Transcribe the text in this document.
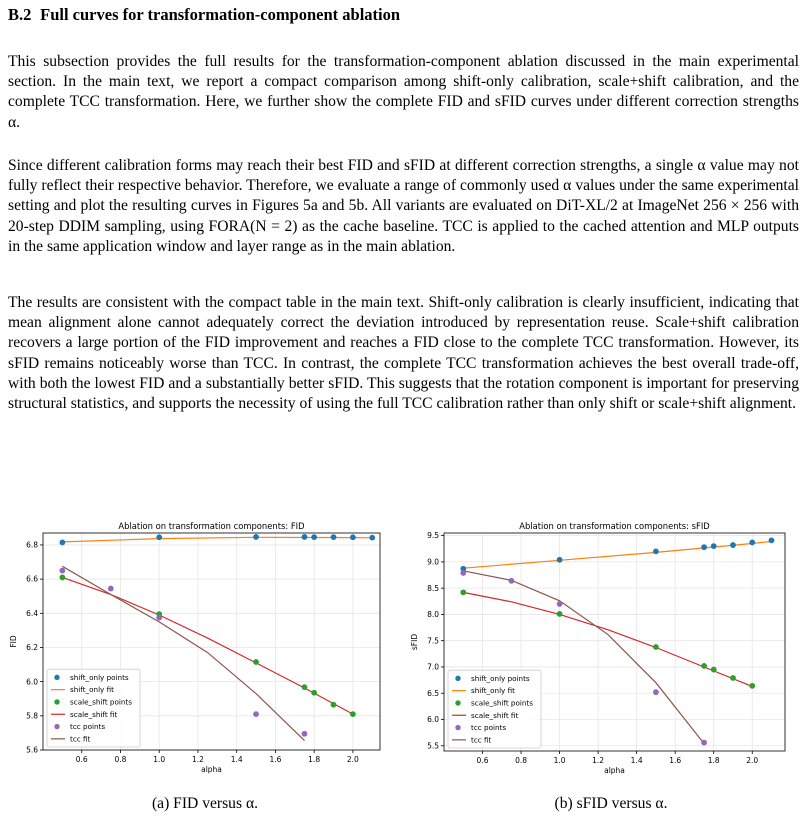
B.2 Full curves for transformation-component ablation
This subsection provides the full results for the transformation-component ablation discussed in the main experimental section. In the main text, we report a compact comparison among shift-only calibration, scale+shift calibration, and the complete TCC transformation. Here, we further show the complete FID and sFID curves under different correction strengths α.
Since different calibration forms may reach their best FID and sFID at different correction strengths, a single α value may not fully reflect their respective behavior. Therefore, we evaluate a range of commonly used α values under the same experimental setting and plot the resulting curves in Figures 5a and 5b. All variants are evaluated on DiT-XL/2 at ImageNet 256 × 256 with 20-step DDIM sampling, using FORA(N = 2) as the cache baseline. TCC is applied to the cached attention and MLP outputs in the same application window and layer range as in the main ablation.
The results are consistent with the compact table in the main text. Shift-only calibration is clearly insufficient, indicating that mean alignment alone cannot adequately correct the deviation introduced by representation reuse. Scale+shift calibration recovers a large portion of the FID improvement and reaches a FID close to the complete TCC transformation. However, its sFID remains noticeably worse than TCC. In contrast, the complete TCC transformation achieves the best overall trade-off, with both the lowest FID and a substantially better sFID. This suggests that the rotation component is important for preserving structural statistics, and supports the necessity of using the full TCC calibration rather than only shift or scale+shift alignment.
0.6	0.8	1.0	1.2	1.4	1.6	1.8	2.0
5.6
5.8
6.0
6.2
6.4
6.6
6.8
Ablation on transformation components: FID
alpha
FID
shift_only points
shift_only fit
scale_shift points
scale_shift fit
tcc points
tcc fit
0.6	0.8	1.0	1.2	1.4	1.6	1.8	2.0
5.5
6.0
6.5
7.0
7.5
8.0
8.5
9.0
9.5
Ablation on transformation components: sFID
alpha
sFID
shift_only points
shift_only fit
scale_shift points
scale_shift fit
tcc points
tcc fit
(a) FID versus α.	(b) sFID versus α.
